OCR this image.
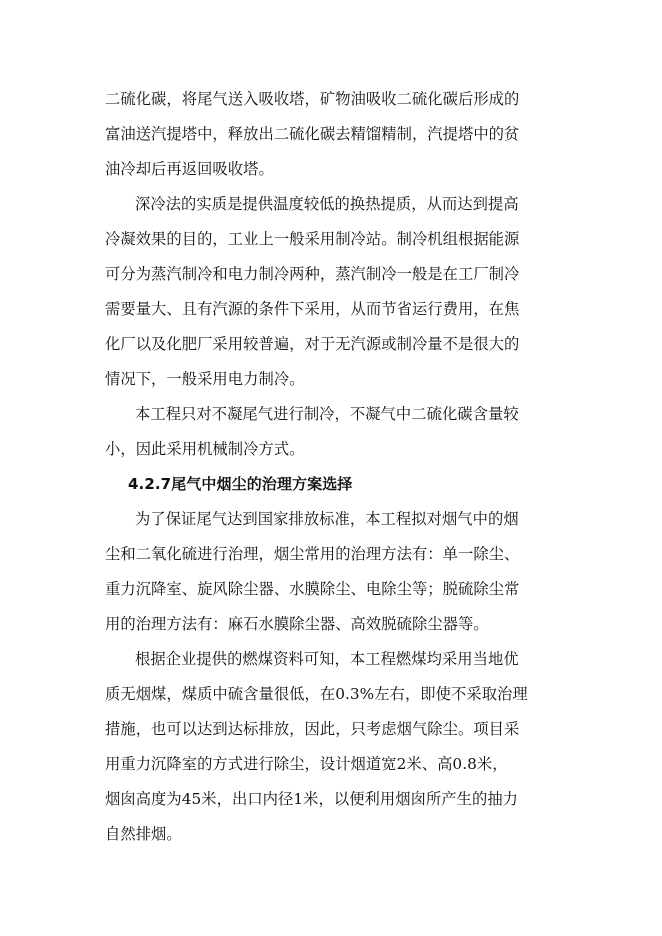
二硫化碳，将尾气送入吸收塔，矿物油吸收二硫化碳后形成的
富油送汽提塔中，释放出二硫化碳去精馏精制，汽提塔中的贫
油冷却后再返回吸收塔。
深冷法的实质是提供温度较低的换热提质，从而达到提高
冷凝效果的目的，工业上一般采用制冷站。制冷机组根据能源
可分为蒸汽制冷和电力制冷两种，蒸汽制冷一般是在工厂制冷
需要量大、且有汽源的条件下采用，从而节省运行费用，在焦
化厂以及化肥厂采用较普遍，对于无汽源或制冷量不是很大的
情况下，一般采用电力制冷。
本工程只对不凝尾气进行制冷，不凝气中二硫化碳含量较
小，因此采用机械制冷方式。
4.2.7尾气中烟尘的治理方案选择
为了保证尾气达到国家排放标准，本工程拟对烟气中的烟
尘和二氧化硫进行治理，烟尘常用的治理方法有：单一除尘、
重力沉降室、旋风除尘器、水膜除尘、电除尘等；脱硫除尘常
用的治理方法有：麻石水膜除尘器、高效脱硫除尘器等。
根据企业提供的燃煤资料可知，本工程燃煤均采用当地优
质无烟煤，煤质中硫含量很低，在0.3%左右，即使不采取治理
措施，也可以达到达标排放，因此，只考虑烟气除尘。项目采
用重力沉降室的方式进行除尘，设计烟道宽2米、高0.8米，
烟囱高度为45米，出口内径1米，以便利用烟囱所产生的抽力
自然排烟。
